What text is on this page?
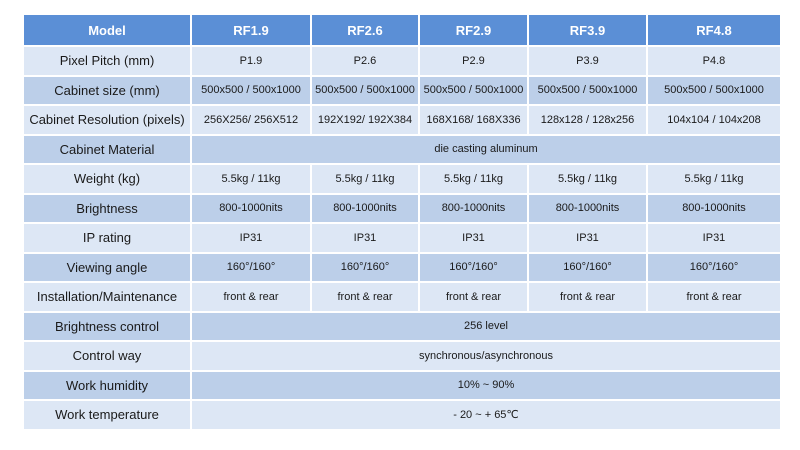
Model	RF1.9	RF2.6	RF2.9	RF3.9	RF4.8
Pixel Pitch (mm)	P1.9	P2.6	P2.9	P3.9	P4.8
Cabinet size (mm)	500x500 / 500x1000	500x500 / 500x1000	500x500 / 500x1000	500x500 / 500x1000	500x500 / 500x1000
Cabinet Resolution (pixels)	256X256/ 256X512	192X192/ 192X384	168X168/ 168X336	128x128 / 128x256	104x104 / 104x208
Cabinet Material	die casting aluminum				
Weight (kg)	5.5kg / 11kg	5.5kg / 11kg	5.5kg / 11kg	5.5kg / 11kg	5.5kg / 11kg
Brightness	800-1000nits	800-1000nits	800-1000nits	800-1000nits	800-1000nits
IP rating	IP31	IP31	IP31	IP31	IP31
Viewing angle	160°/160°	160°/160°	160°/160°	160°/160°	160°/160°
Installation/Maintenance	front & rear	front & rear	front & rear	front & rear	front & rear
Brightness control	256 level				
Control way	synchronous/asynchronous				
Work humidity	10% ~ 90%				
Work temperature	- 20 ~ + 65℃				
